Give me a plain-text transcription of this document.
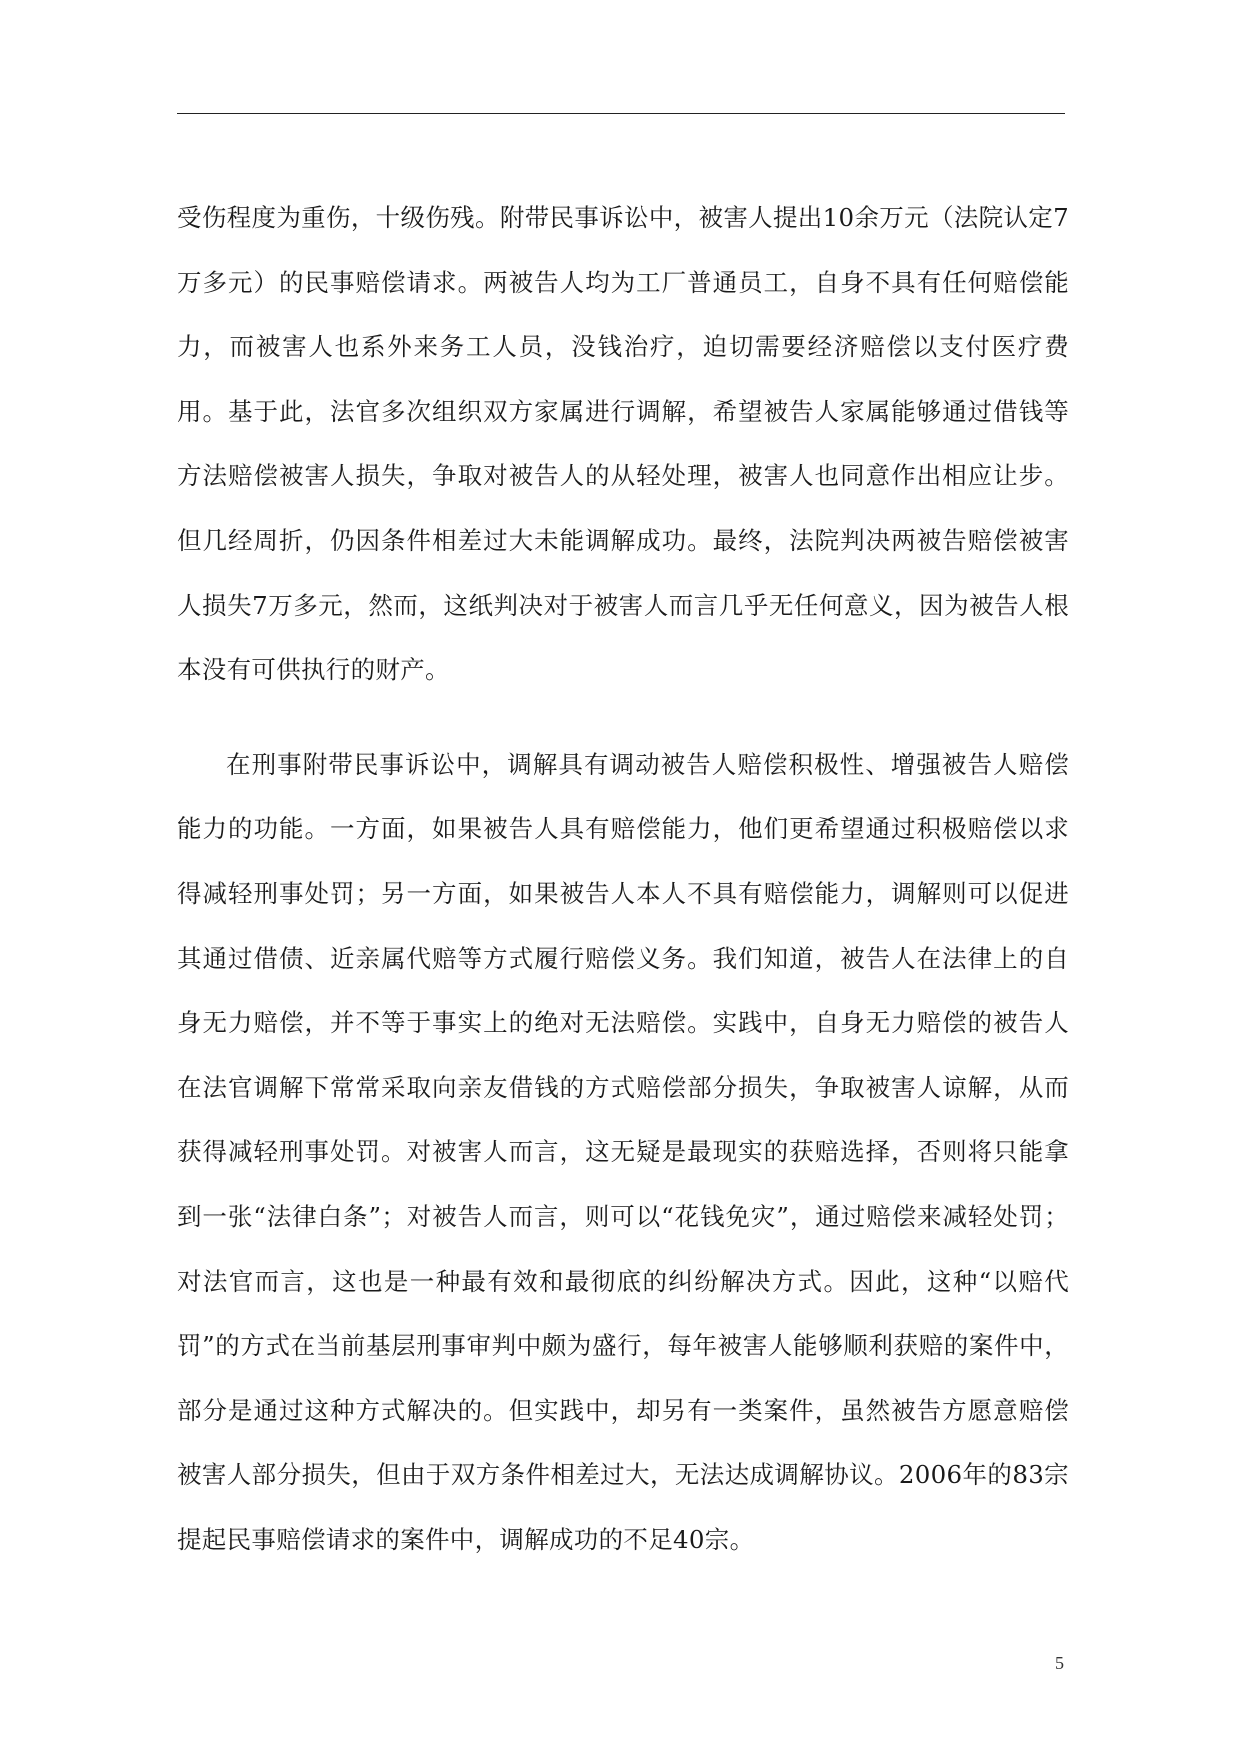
受伤程度为重伤，十级伤残。附带民事诉讼中，被害人提出10余万元（法院认定7万多元）的民事赔偿请求。两被告人均为工厂普通员工，自身不具有任何赔偿能力，而被害人也系外来务工人员，没钱治疗，迫切需要经济赔偿以支付医疗费用。基于此，法官多次组织双方家属进行调解，希望被告人家属能够通过借钱等方法赔偿被害人损失，争取对被告人的从轻处理，被害人也同意作出相应让步。但几经周折，仍因条件相差过大未能调解成功。最终，法院判决两被告赔偿被害人损失7万多元，然而，这纸判决对于被害人而言几乎无任何意义，因为被告人根本没有可供执行的财产。

在刑事附带民事诉讼中，调解具有调动被告人赔偿积极性、增强被告人赔偿能力的功能。一方面，如果被告人具有赔偿能力，他们更希望通过积极赔偿以求得减轻刑事处罚；另一方面，如果被告人本人不具有赔偿能力，调解则可以促进其通过借债、近亲属代赔等方式履行赔偿义务。我们知道，被告人在法律上的自身无力赔偿，并不等于事实上的绝对无法赔偿。实践中，自身无力赔偿的被告人在法官调解下常常采取向亲友借钱的方式赔偿部分损失，争取被害人谅解，从而获得减轻刑事处罚。对被害人而言，这无疑是最现实的获赔选择，否则将只能拿到一张“法律白条”；对被告人而言，则可以“花钱免灾”，通过赔偿来减轻处罚；对法官而言，这也是一种最有效和最彻底的纠纷解决方式。因此，这种“以赔代罚”的方式在当前基层刑事审判中颇为盛行，每年被害人能够顺利获赔的案件中，部分是通过这种方式解决的。但实践中，却另有一类案件，虽然被告方愿意赔偿被害人部分损失，但由于双方条件相差过大，无法达成调解协议。2006年的83宗提起民事赔偿请求的案件中，调解成功的不足40宗。

5
